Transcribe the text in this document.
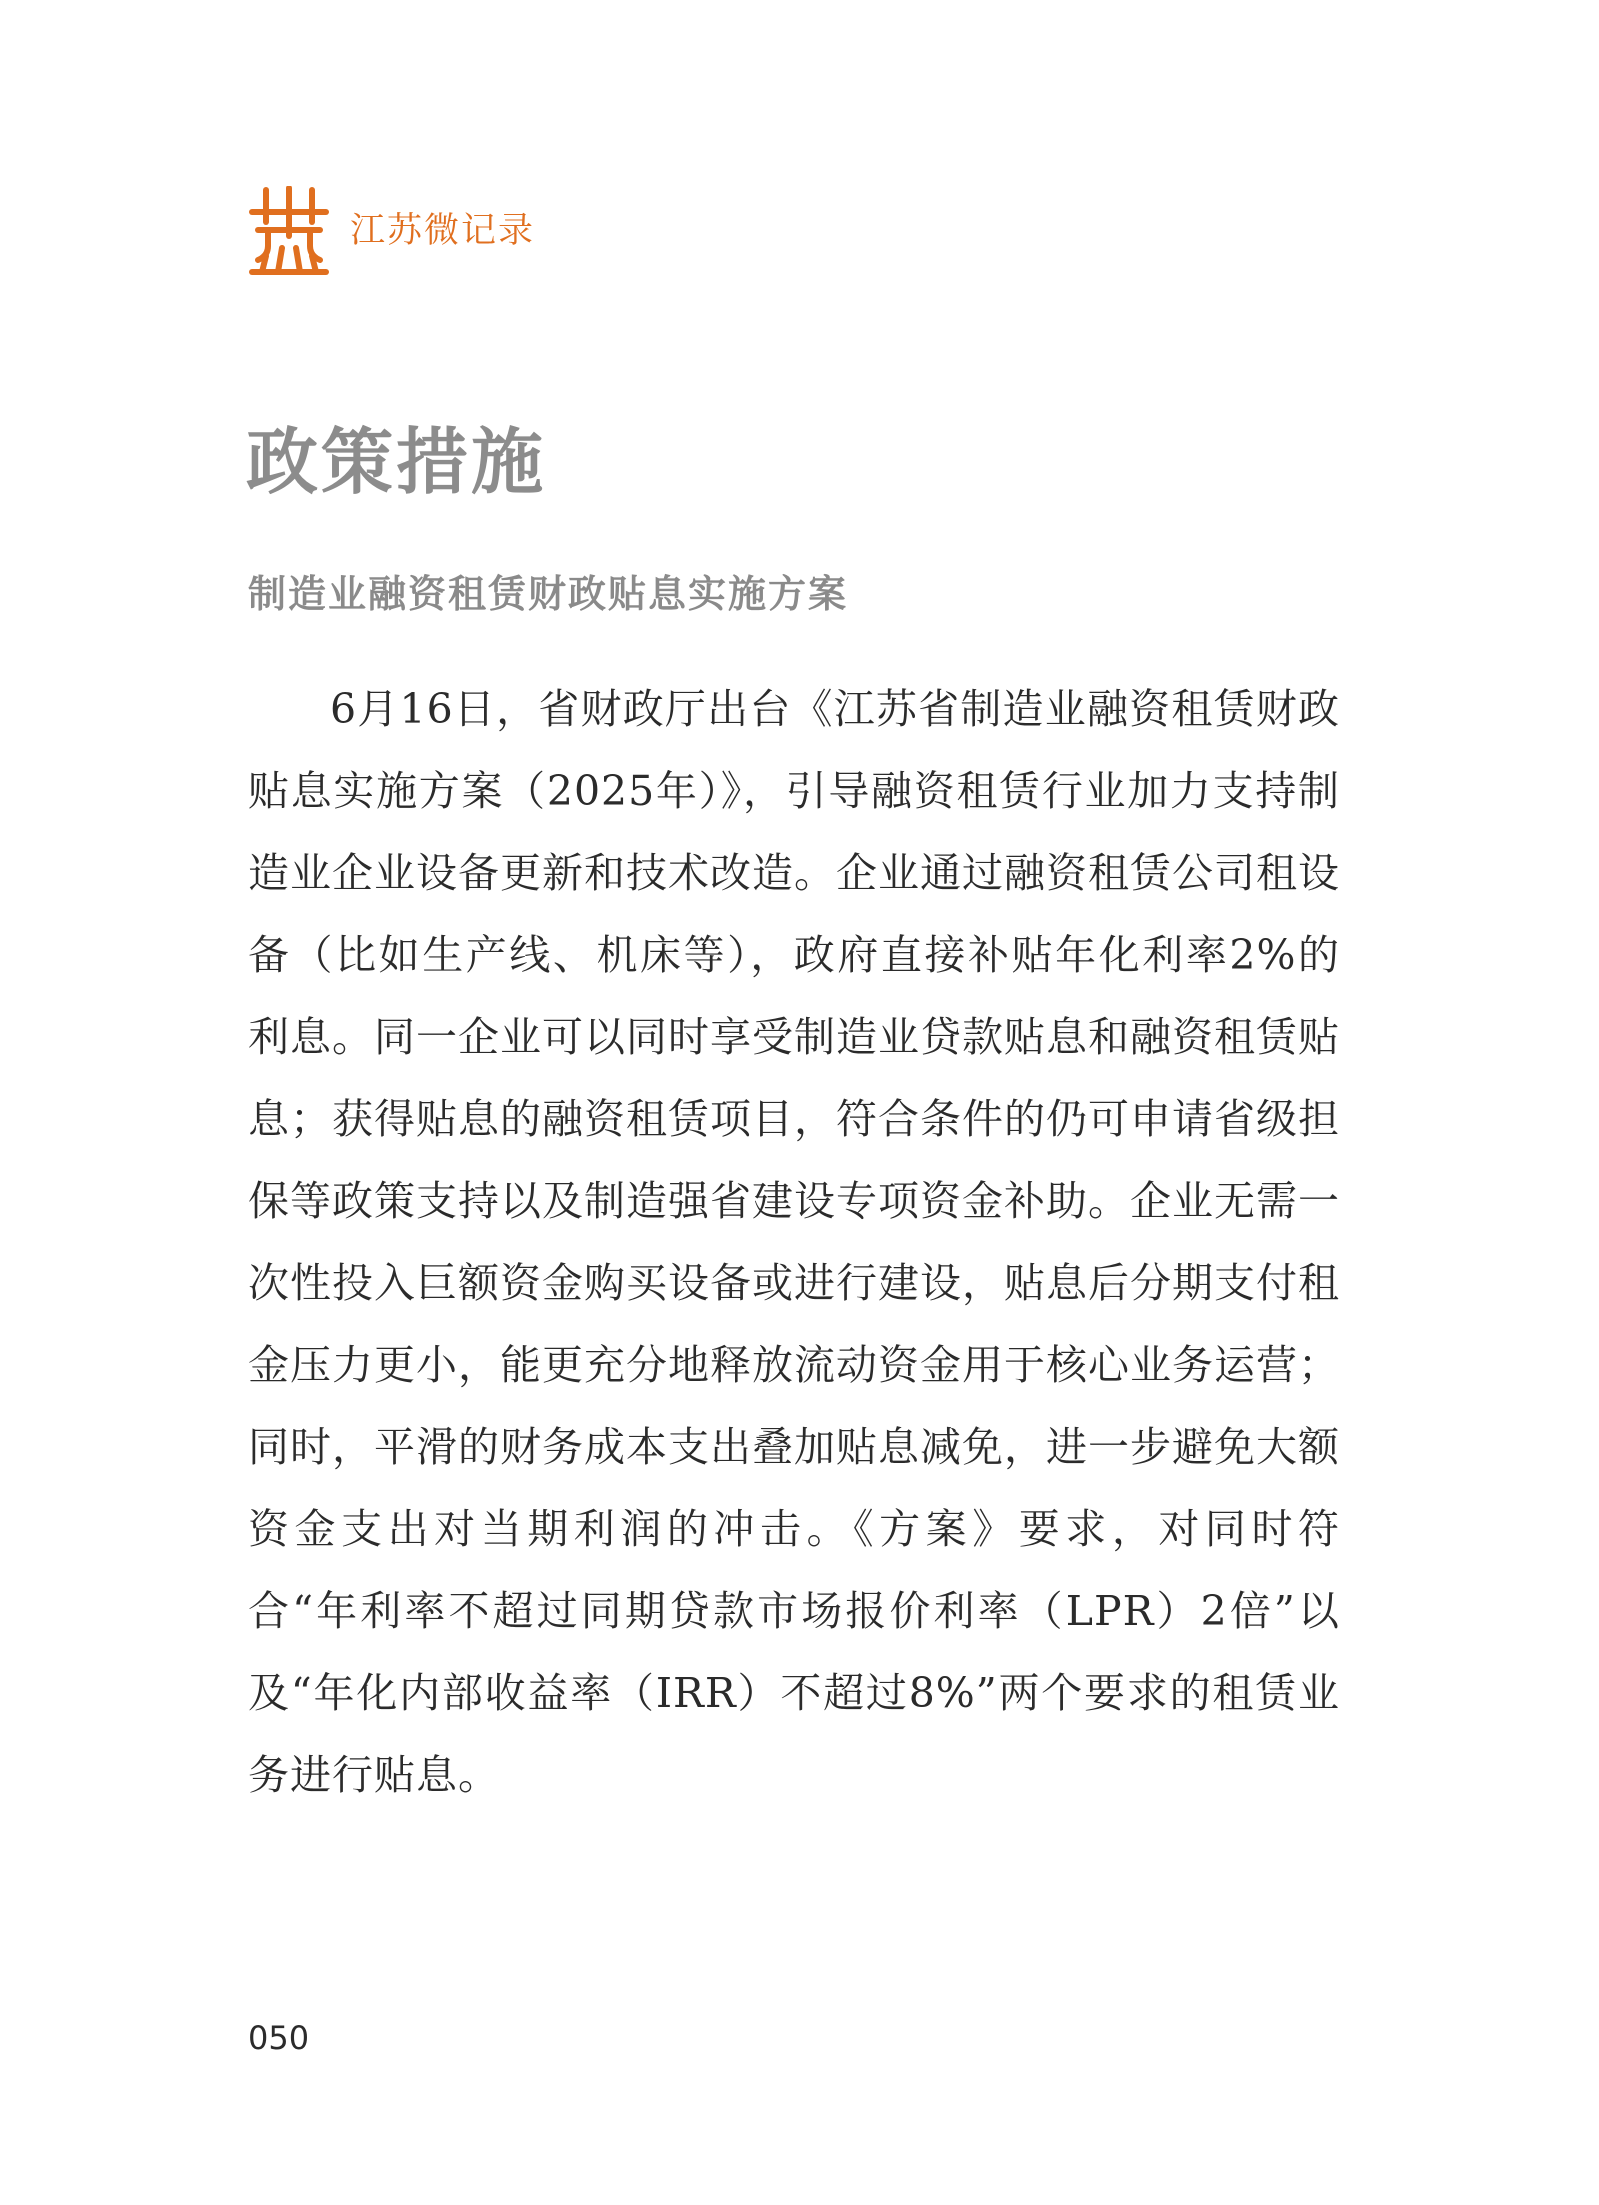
江苏微记录
政策措施
制造业融资租赁财政贴息实施方案

6月16日，省财政厅出台《江苏省制造业融资租赁财政贴息实施方案（2025年）》，引导融资租赁行业加力支持制造业企业设备更新和技术改造。企业通过融资租赁公司租设备（比如生产线、机床等），政府直接补贴年化利率2%的利息。同一企业可以同时享受制造业贷款贴息和融资租赁贴息；获得贴息的融资租赁项目，符合条件的仍可申请省级担保等政策支持以及制造强省建设专项资金补助。企业无需一次性投入巨额资金购买设备或进行建设，贴息后分期支付租金压力更小，能更充分地释放流动资金用于核心业务运营；同时，平滑的财务成本支出叠加贴息减免，进一步避免大额资金支出对当期利润的冲击。《方案》要求，对同时符合“年利率不超过同期贷款市场报价利率（LPR）2倍”以及“年化内部收益率（IRR）不超过8%”两个要求的租赁业务进行贴息。

050
